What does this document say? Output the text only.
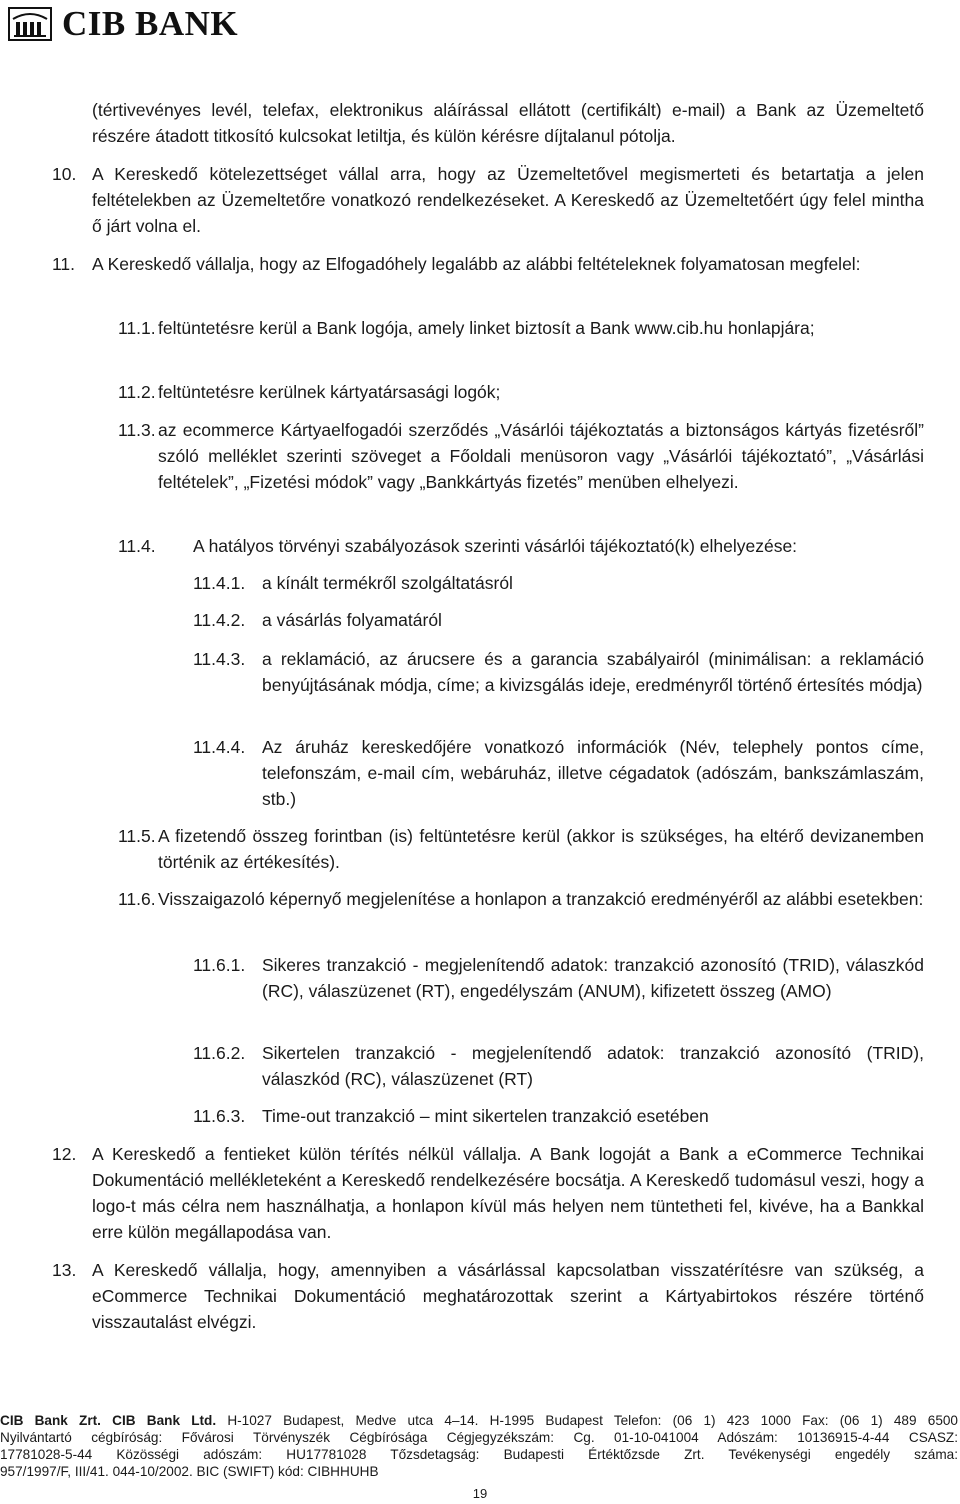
CIB BANK
(tértivevényes levél, telefax, elektronikus aláírással ellátott (certifikált) e-mail) a Bank az Üzemeltető részére átadott titkosító kulcsokat letiltja, és külön kérésre díjtalanul pótolja.
10. A Kereskedő kötelezettséget vállal arra, hogy az Üzemeltetővel megismerteti és betartatja a jelen feltételekben az Üzemeltetőre vonatkozó rendelkezéseket. A Kereskedő az Üzemeltetőért úgy felel mintha ő járt volna el.
11. A Kereskedő vállalja, hogy az Elfogadóhely legalább az alábbi feltételeknek folyamatosan megfelel:
11.1. feltüntetésre kerül a Bank logója, amely linket biztosít a Bank www.cib.hu honlapjára;
11.2. feltüntetésre kerülnek kártyatársasági logók;
11.3. az ecommerce Kártyaelfogadói szerződés „Vásárlói tájékoztatás a biztonságos kártyás fizetésről” szóló melléklet szerinti szöveget a Főoldali menüsoron vagy „Vásárlói tájékoztató”, „Vásárlási feltételek”, „Fizetési módok” vagy „Bankkártyás fizetés” menüben elhelyezi.
11.4. A hatályos törvényi szabályozások szerinti vásárlói tájékoztató(k) elhelyezése:
11.4.1. a kínált termékről szolgáltatásról
11.4.2. a vásárlás folyamatáról
11.4.3. a reklamáció, az árucsere és a garancia szabályairól (minimálisan: a reklamáció benyújtásának módja, címe; a kivizsgálás ideje, eredményről történő értesítés módja)
11.4.4. Az áruház kereskedőjére vonatkozó információk (Név, telephely pontos címe, telefonszám, e-mail cím, webáruház, illetve cégadatok (adószám, bankszámlaszám, stb.)
11.5. A fizetendő összeg forintban (is) feltüntetésre kerül (akkor is szükséges, ha eltérő devizanemben történik az értékesítés).
11.6. Visszaigazoló képernyő megjelenítése a honlapon a tranzakció eredményéről az alábbi esetekben:
11.6.1. Sikeres tranzakció - megjelenítendő adatok: tranzakció azonosító (TRID), válaszkód (RC), válaszüzenet (RT), engedélyszám (ANUM), kifizetett összeg (AMO)
11.6.2. Sikertelen tranzakció - megjelenítendő adatok: tranzakció azonosító (TRID), válaszkód (RC), válaszüzenet (RT)
11.6.3. Time-out tranzakció – mint sikertelen tranzakció esetében
12. A Kereskedő a fentieket külön térítés nélkül vállalja. A Bank logoját a Bank a eCommerce Technikai Dokumentáció mellékleteként a Kereskedő rendelkezésére bocsátja. A Kereskedő tudomásul veszi, hogy a logo-t más célra nem használhatja, a honlapon kívül más helyen nem tüntetheti fel, kivéve, ha a Bankkal erre külön megállapodása van.
13. A Kereskedő vállalja, hogy, amennyiben a vásárlással kapcsolatban visszatérítésre van szükség, a eCommerce Technikai Dokumentáció meghatározottak szerint a Kártyabirtokos részére történő visszautalást elvégzi.
CIB Bank Zrt. CIB Bank Ltd. H-1027 Budapest, Medve utca 4–14. H-1995 Budapest Telefon: (06 1) 423 1000 Fax: (06 1) 489 6500
Nyilvántartó cégbíróság: Fővárosi Törvényszék Cégbírósága Cégjegyzékszám: Cg. 01-10-041004 Adószám: 10136915-4-44 CSASZ:
17781028-5-44 Közösségi adószám: HU17781028 Tőzsdetagság: Budapesti Értéktőzsde Zrt. Tevékenységi engedély száma:
957/1997/F, III/41. 044-10/2002. BIC (SWIFT) kód: CIBHHUHB
19
